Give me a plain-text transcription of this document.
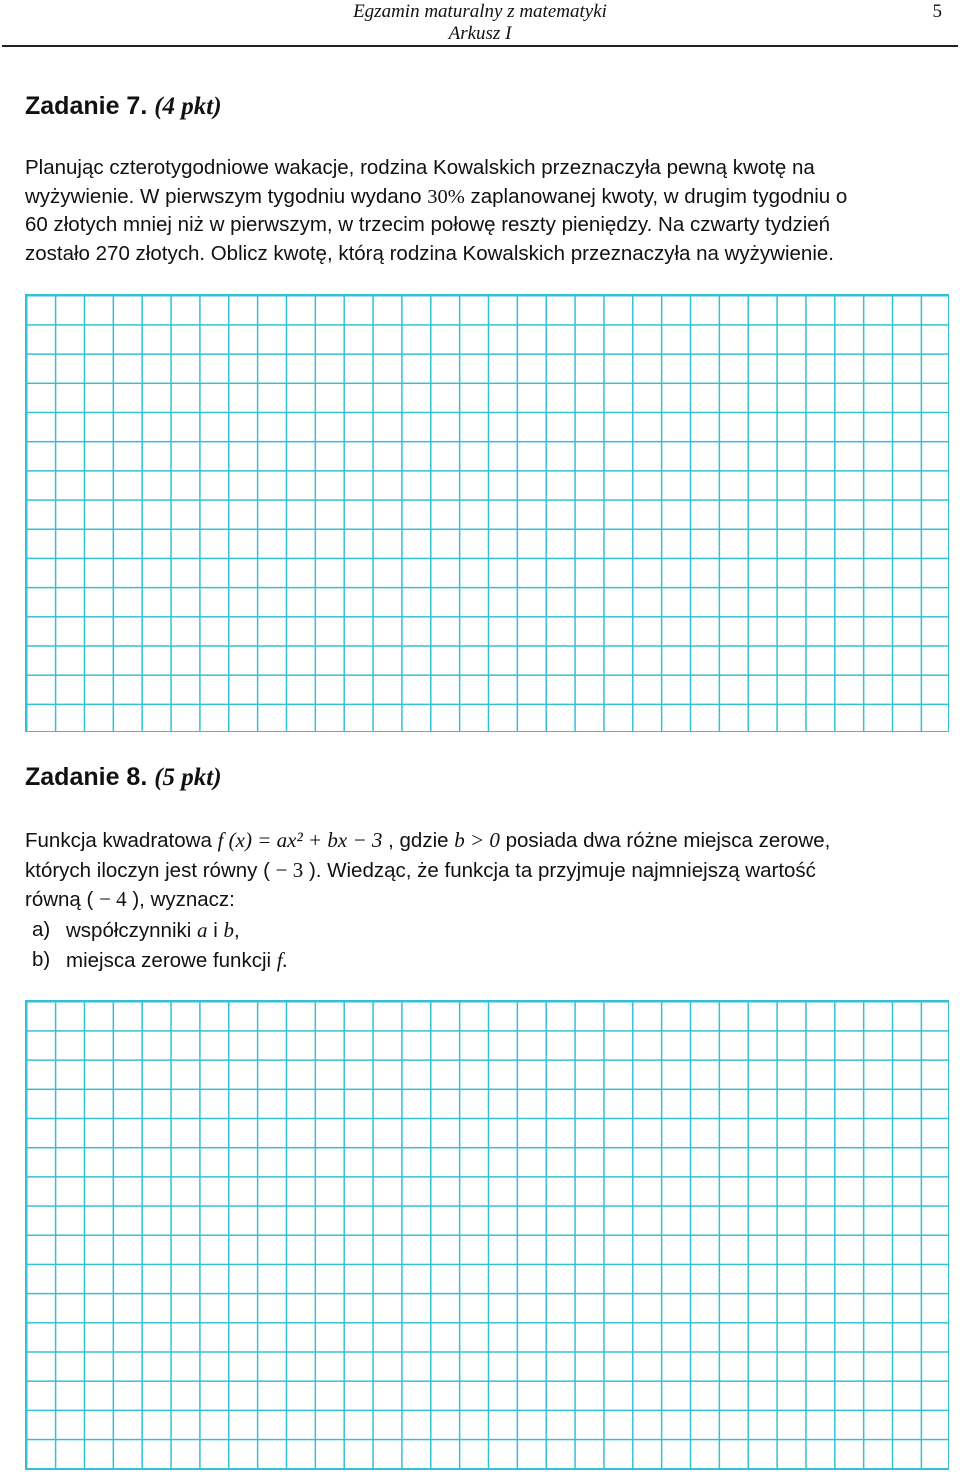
Egzamin maturalny z matematyki
Arkusz I
5
Zadanie 7. (4 pkt)
Planując czterotygodniowe wakacje, rodzina Kowalskich przeznaczyła pewną kwotę na
wyżywienie. W pierwszym tygodniu wydano 30% zaplanowanej kwoty, w drugim tygodniu o
60 złotych mniej niż w pierwszym, w trzecim połowę reszty pieniędzy. Na czwarty tydzień
zostało 270 złotych. Oblicz kwotę, którą rodzina Kowalskich przeznaczyła na wyżywienie.
Zadanie 8. (5 pkt)
Funkcja kwadratowa f (x) = ax² + bx − 3 , gdzie b > 0 posiada dwa różne miejsca zerowe,
których iloczyn jest równy ( − 3 ). Wiedząc, że funkcja ta przyjmuje najmniejszą wartość
równą ( − 4 ), wyznacz:
a) współczynniki a i b,
b) miejsca zerowe funkcji f.
